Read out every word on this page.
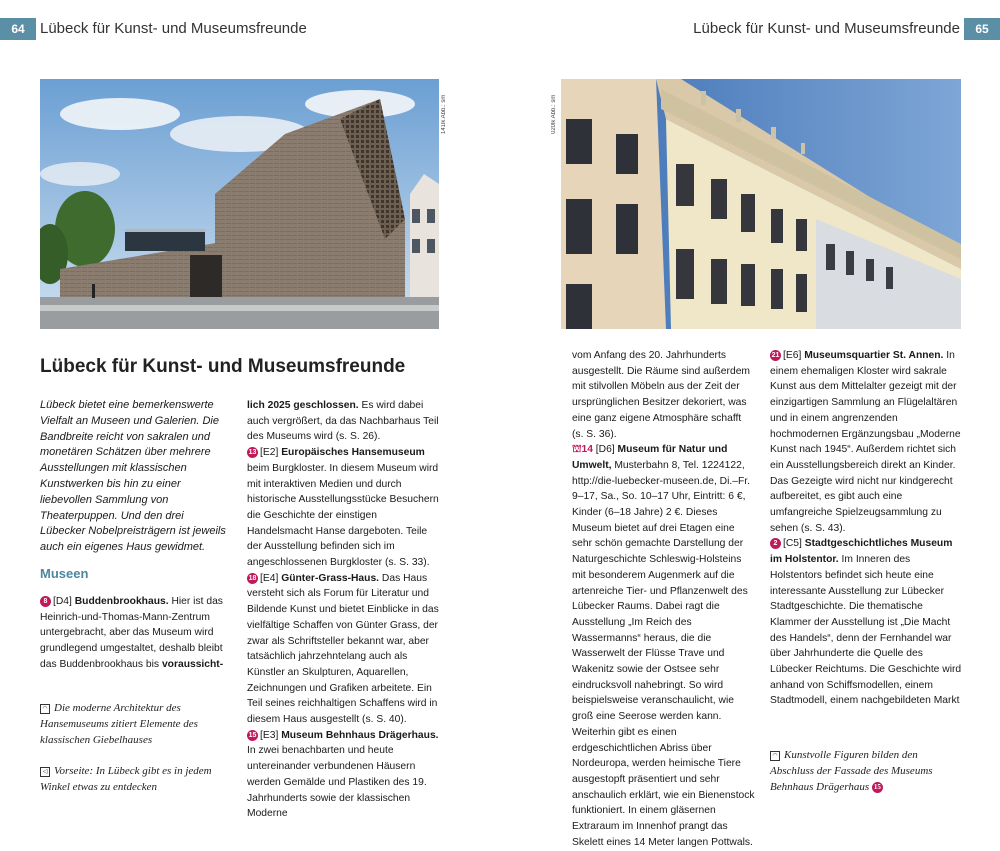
64	Lübeck für Kunst- und Museumsfreunde	Lübeck für Kunst- und Museumsfreunde	65
141lk Abb.: sm	020lk Abb.: sm
Lübeck für Kunst- und Museumsfreunde
Lübeck bietet eine bemerkenswerte Vielfalt an Museen und Galerien. Die Bandbreite reicht von sakralen und monetären Schätzen über mehrere Ausstellungen mit klassischen Kunstwerken bis hin zu einer liebevollen Sammlung von Theaterpuppen. Und den drei Lübecker Nobelpreisträgern ist jeweils auch ein eigenes Haus gewidmet.
Museen

8 [D4] Buddenbrookhaus. Hier ist das Heinrich-und-Thomas-Mann-Zentrum untergebracht, aber das Museum wird grundlegend umgestaltet, deshalb bleibt das Buddenbrookhaus bis voraussicht-

◠ Die moderne Architektur des Hansemuseums zitiert Elemente des klassischen Giebelhauses
◁ Vorseite: In Lübeck gibt es in jedem Winkel etwas zu entdecken

lich 2025 geschlossen. Es wird dabei auch vergrößert, da das Nachbarhaus Teil des Museums wird (s. S. 26).

13 [E2] Europäisches Hansemuseum beim Burgkloster. In diesem Museum wird mit interaktiven Medien und durch historische Ausstellungsstücke Besuchern die Geschichte der einstigen Handelsmacht Hanse dargeboten. Teile der Ausstellung befinden sich im angeschlossenen Burgkloster (s. S. 33).

18 [E4] Günter-Grass-Haus. Das Haus versteht sich als Forum für Literatur und Bildende Kunst und bietet Einblicke in das vielfältige Schaffen von Günter Grass, der zwar als Schriftsteller bekannt war, aber tatsächlich jahrzehntelang auch als Künstler an Skulpturen, Aquarellen, Zeichnungen und Grafiken arbeitete. Ein Teil seines reichhaltigen Schaffens wird in diesem Haus ausgestellt (s. S. 40).

15 [E3] Museum Behnhaus Drägerhaus. In zwei benachbarten und heute untereinander verbundenen Häusern werden Gemälde und Plastiken des 19. Jahrhunderts sowie der klassischen Moderne

vom Anfang des 20. Jahrhunderts ausgestellt. Die Räume sind außerdem mit stilvollen Möbeln aus der Zeit der ursprünglichen Besitzer dekoriert, was eine ganz eigene Atmosphäre schafft (s. S. 36).

⛫14 [D6] Museum für Natur und Umwelt, Musterbahn 8, Tel. 1224122, http://die-luebecker-museen.de, Di.–Fr. 9–17, Sa., So. 10–17 Uhr, Eintritt: 6 €, Kinder (6–18 Jahre) 2 €. Dieses Museum bietet auf drei Etagen eine sehr schön gemachte Darstellung der Naturgeschichte Schleswig-Holsteins mit besonderem Augenmerk auf die artenreiche Tier- und Pflanzenwelt des Lübecker Raums. Dabei ragt die Ausstellung „Im Reich des Wassermanns“ heraus, die die Wasserwelt der Flüsse Trave und Wakenitz sowie der Ostsee sehr eindrucksvoll nahebringt. So wird beispielsweise veranschaulicht, wie groß eine Seerose werden kann. Weiterhin gibt es einen erdgeschichtlichen Abriss über Nordeuropa, werden heimische Tiere ausgestopft präsentiert und sehr anschaulich erklärt, wie ein Bienenstock funktioniert. In einem gläsernen Extraraum im Innenhof prangt das Skelett eines 14 Meter langen Pottwals.

21 [E6] Museumsquartier St. Annen. In einem ehemaligen Kloster wird sakrale Kunst aus dem Mittelalter gezeigt mit der einzigartigen Sammlung an Flügelaltären und in einem angrenzenden hochmodernen Ergänzungsbau „Moderne Kunst nach 1945“. Außerdem richtet sich ein Ausstellungsbereich direkt an Kinder. Das Gezeigte wird nicht nur kindgerecht aufbereitet, es gibt auch eine umfangreiche Spielzeugsammlung zu sehen (s. S. 43).

2 [C5] Stadtgeschichtliches Museum im Holstentor. Im Inneren des Holstentors befindet sich heute eine interessante Ausstellung zur Lübecker Stadtgeschichte. Die thematische Klammer der Ausstellung ist „Die Macht des Handels“, denn der Fernhandel war über Jahrhunderte die Quelle des Lübecker Reichtums. Die Geschichte wird anhand von Schiffsmodellen, einem Stadtmodell, einem nachgebildeten Markt

◠ Kunstvolle Figuren bilden den Abschluss der Fassade des Museums Behnhaus Drägerhaus 15
